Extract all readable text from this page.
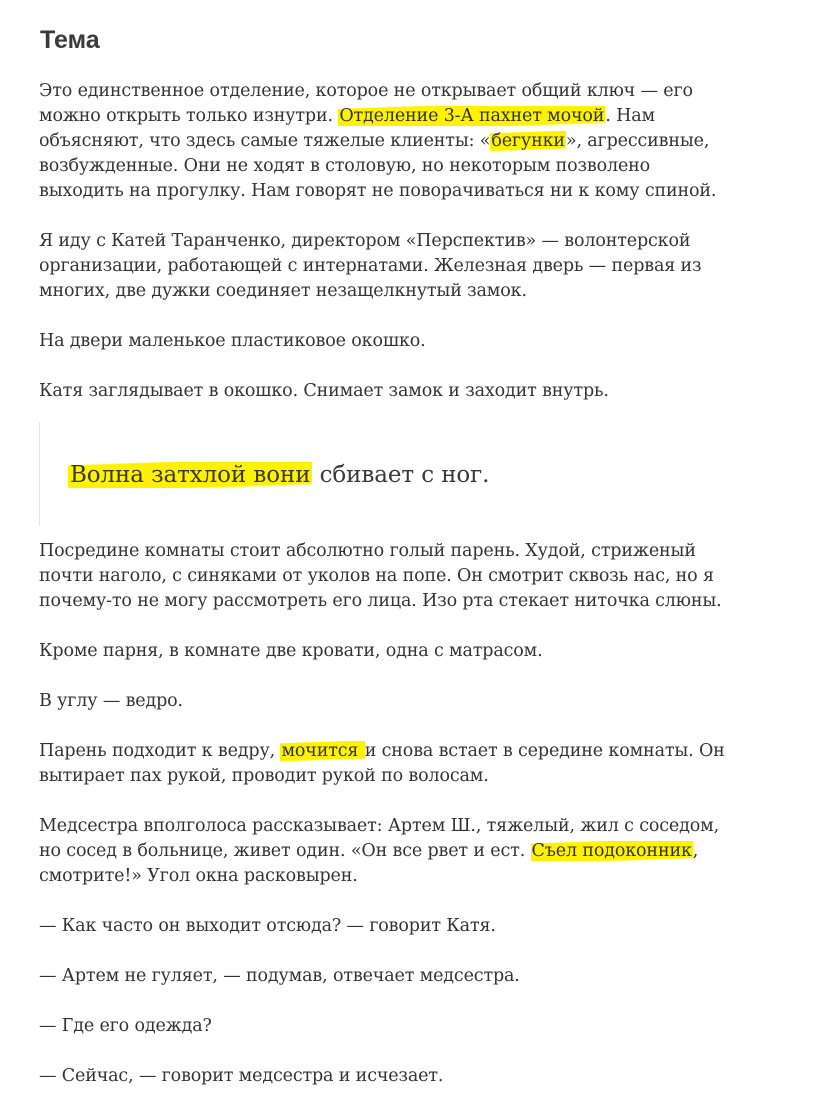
Тема

Это единственное отделение, которое не открывает общий ключ — его
можно открыть только изнутри. Отделение 3-А пахнет мочой. Нам
объясняют, что здесь самые тяжелые клиенты: «бегунки», агрессивные,
возбужденные. Они не ходят в столовую, но некоторым позволено
выходить на прогулку. Нам говорят не поворачиваться ни к кому спиной.

Я иду с Катей Таранченко, директором «Перспектив» — волонтерской
организации, работающей с интернатами. Железная дверь — первая из
многих, две дужки соединяет незащелкнутый замок.

На двери маленькое пластиковое окошко.

Катя заглядывает в окошко. Снимает замок и заходит внутрь.

Волна затхлой вони сбивает с ног.

Посредине комнаты стоит абсолютно голый парень. Худой, стриженый
почти наголо, с синяками от уколов на попе. Он смотрит сквозь нас, но я
почему-то не могу рассмотреть его лица. Изо рта стекает ниточка слюны.

Кроме парня, в комнате две кровати, одна с матрасом.

В углу — ведро.

Парень подходит к ведру, мочится и снова встает в середине комнаты. Он
вытирает пах рукой, проводит рукой по волосам.

Медсестра вполголоса рассказывает: Артем Ш., тяжелый, жил с соседом,
но сосед в больнице, живет один. «Он все рвет и ест. Съел подоконник,
смотрите!» Угол окна расковырен.

— Как часто он выходит отсюда? — говорит Катя.

— Артем не гуляет, — подумав, отвечает медсестра.

— Где его одежда?

— Сейчас, — говорит медсестра и исчезает.
